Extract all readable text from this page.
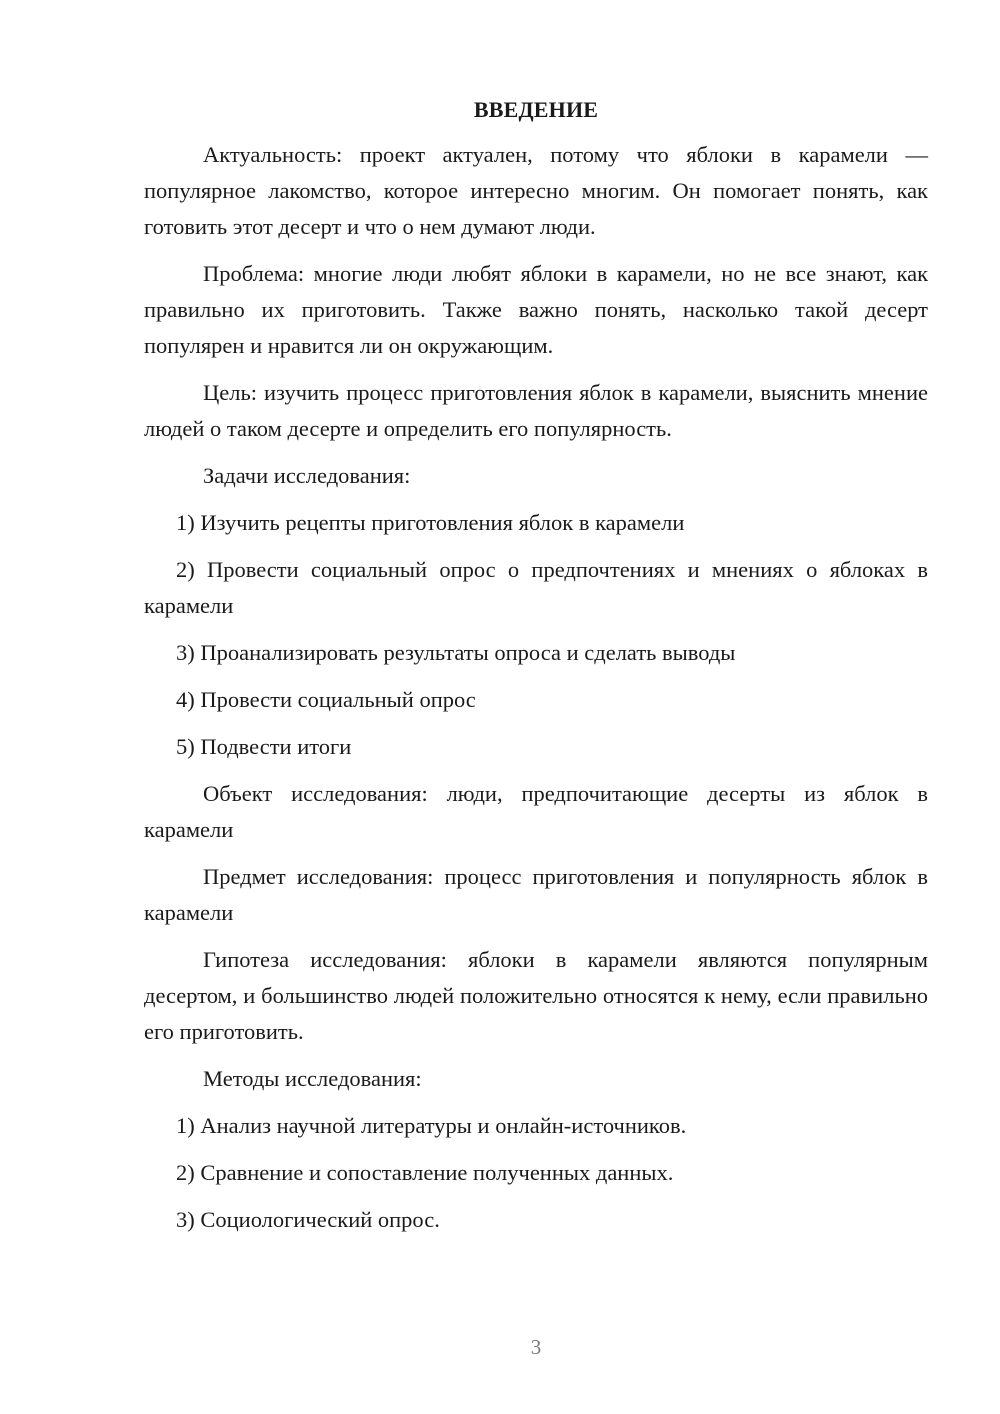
ВВЕДЕНИЕ

Актуальность: проект актуален, потому что яблоки в карамели — популярное лакомство, которое интересно многим. Он помогает понять, как готовить этот десерт и что о нем думают люди.

Проблема: многие люди любят яблоки в карамели, но не все знают, как правильно их приготовить. Также важно понять, насколько такой десерт популярен и нравится ли он окружающим.

Цель: изучить процесс приготовления яблок в карамели, выяснить мнение людей о таком десерте и определить его популярность.

Задачи исследования:

1) Изучить рецепты приготовления яблок в карамели

2) Провести социальный опрос о предпочтениях и мнениях о яблоках в карамели

3) Проанализировать результаты опроса и сделать выводы

4) Провести социальный опрос

5) Подвести итоги

Объект исследования: люди, предпочитающие десерты из яблок в карамели

Предмет исследования: процесс приготовления и популярность яблок в карамели

Гипотеза исследования: яблоки в карамели являются популярным десертом, и большинство людей положительно относятся к нему, если правильно его приготовить.

Методы исследования:

1) Анализ научной литературы и онлайн-источников.

2) Сравнение и сопоставление полученных данных.

3) Социологический опрос.

3
